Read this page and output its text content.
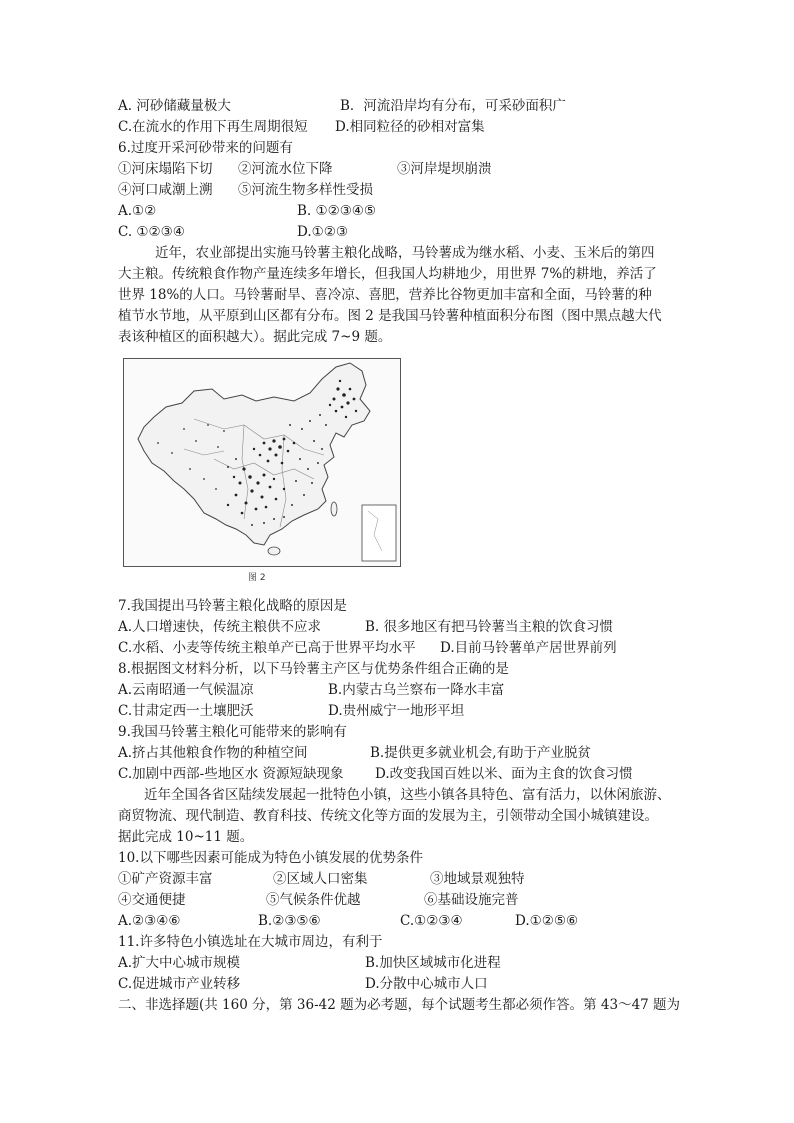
A. 河砂储藏量极大	B．河流沿岸均有分布，可采砂面积广
C.在流水的作用下再生周期很短 D.相同粒径的砂相对富集
6.过度开采河砂带来的问题有
①河床塌陷下切 ②河流水位下降	③河岸堤坝崩溃
④河口咸潮上溯 ⑤河流生物多样性受损
A.①②	B. ①②③④⑤
C. ①②③④	D.①②③
近年，农业部提出实施马铃薯主粮化战略，马铃薯成为继水稻、小麦、玉米后的第四
大主粮。传统粮食作物产量连续多年增长，但我国人均耕地少，用世界 7%的耕地，养活了
世界 18%的人口。马铃薯耐旱、喜冷凉、喜肥，营养比谷物更加丰富和全面，马铃薯的种
植节水节地，从平原到山区都有分布。图 2 是我国马铃薯种植面积分布图（图中黑点越大代
表该种植区的面积越大）。据此完成 7~9 题。
图 2
7.我国提出马铃薯主粮化战略的原因是
A.人口增速快，传统主粮供不应求	B. 很多地区有把马铃薯当主粮的饮食习惯
C.水稻、小麦等传统主粮单产已高于世界平均水平 D.目前马铃薯单产居世界前列
8.根据图文材料分析，以下马铃薯主产区与优势条件组合正确的是
A.云南昭通一气候温凉	B.内蒙古乌兰察布一降水丰富
C.甘肃定西一土壤肥沃	D.贵州威宁一地形平坦
9.我国马铃薯主粮化可能带来的影响有
A.挤占其他粮食作物的种植空间	B.提供更多就业机会,有助于产业脱贫
C.加剧中西部-些地区水 资源短缺现象 D.改变我国百姓以米、面为主食的饮食习惯
近年全国各省区陆续发展起一批特色小镇，这些小镇各具特色、富有活力，以休闲旅游、
商贸物流、现代制造、教育科技、传统文化等方面的发展为主，引领带动全国小城镇建设。
据此完成 10~11 题。
10.以下哪些因素可能成为特色小镇发展的优势条件
①矿产资源丰富	②区域人口密集	③地域景观独特
④交通便捷	⑤气候条件优越	⑥基础设施完普
A.②③④⑥	B.②③⑤⑥	C.①②③④	D.①②⑤⑥
11.许多特色小镇选址在大城市周边，有利于
A.扩大中心城市规模	B.加快区域城市化进程
C.促进城市产业转移	D.分散中心城市人口
二、非选择题(共 160 分，第 36-42 题为必考题，每个试题考生都必须作答。第 43～47 题为
